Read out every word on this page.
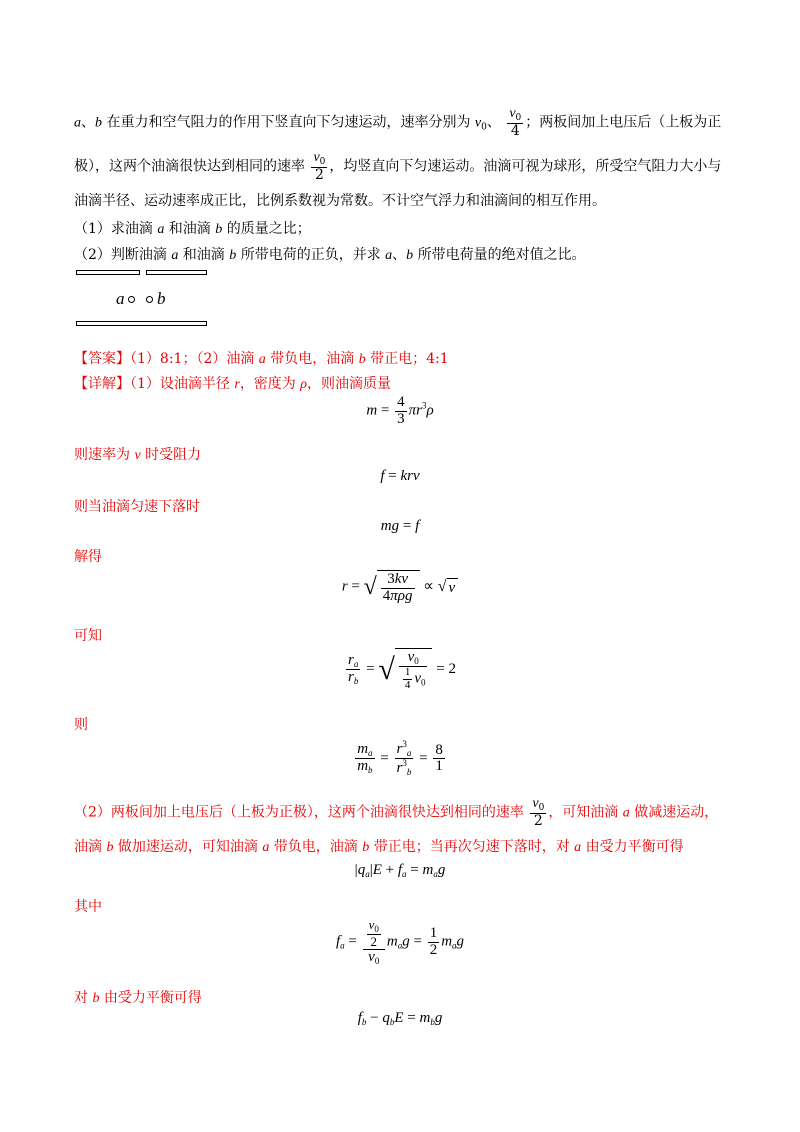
a、b 在重力和空气阻力的作用下竖直向下匀速运动，速率分别为 $v_0$、 $\frac{v_0}{4}$ ；两板间加上电压后（上板为正
极），这两个油滴很快达到相同的速率 $\frac{v_0}{2}$ ，均竖直向下匀速运动。油滴可视为球形，所受空气阻力大小与
油滴半径、运动速率成正比，比例系数视为常数。不计空气浮力和油滴间的相互作用。
（1）求油滴 a 和油滴 b 的质量之比；
（2）判断油滴 a 和油滴 b 所带电荷的正负，并求 a、b 所带电荷量的绝对值之比。
a b
【答案】（1）8:1；（2）油滴 a 带负电，油滴 b 带正电；4:1
【详解】（1）设油滴半径 r，密度为 ρ，则油滴质量
$m = \frac{4}{3} \pi r^3\rho$
则速率为 v 时受阻力
f = krv
则当油滴匀速下落时
mg = f
解得
r = √ $\frac{3kv}{\text{4πρg}}$ ∝ √ v
可知
$\frac{r_a}{r_b}$ = √ $\frac{v_0}{\frac{1}{4} v_0} = 2$
则
$\frac{m_a}{m_b} = \frac{r^3_a}{r^3_b} = \frac{8}{1}$
（2）两板间加上电压后（上板为正极），这两个油滴很快达到相同的速率 $\frac{v_0}{2}$ ，可知油滴 a 做减速运动，
油滴 b 做加速运动，可知油滴 a 带负电，油滴 b 带正电；当再次匀速下落时，对 a 由受力平衡可得
$|q_a|E + f_a = m_ag$
其中
$f_a = \frac{\frac{v_0}{2}}{v_0} m_ag = \frac{1}{2} m_ag$
对 b 由受力平衡可得
$f_b - q_bE = m_bg$
